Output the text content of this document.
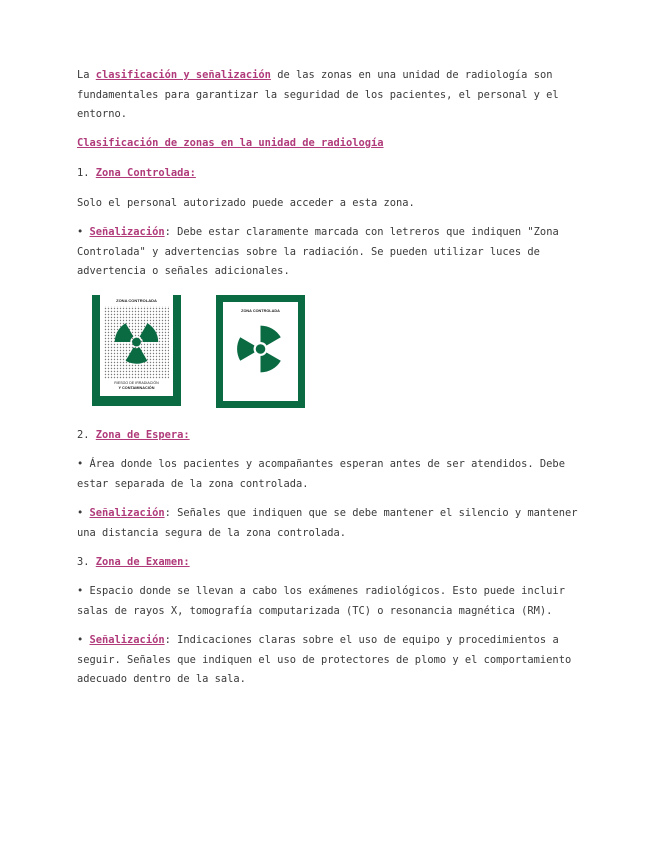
La clasificación y señalización de las zonas en una unidad de radiología son fundamentales para garantizar la seguridad de los pacientes, el personal y el entorno.

Clasificación de zonas en la unidad de radiología

1. Zona Controlada:

Solo el personal autorizado puede acceder a esta zona.

• Señalización: Debe estar claramente marcada con letreros que indiquen "Zona Controlada" y advertencias sobre la radiación. Se pueden utilizar luces de advertencia o señales adicionales.

ZONA CONTROLADA
RIESGO DE IRRADIACIÓN
Y CONTAMINACIÓN
ZONA CONTROLADA

2. Zona de Espera:

• Área donde los pacientes y acompañantes esperan antes de ser atendidos. Debe estar separada de la zona controlada.

• Señalización: Señales que indiquen que se debe mantener el silencio y mantener una distancia segura de la zona controlada.

3. Zona de Examen:

• Espacio donde se llevan a cabo los exámenes radiológicos. Esto puede incluir salas de rayos X, tomografía computarizada (TC) o resonancia magnética (RM).

• Señalización: Indicaciones claras sobre el uso de equipo y procedimientos a seguir. Señales que indiquen el uso de protectores de plomo y el comportamiento adecuado dentro de la sala.
